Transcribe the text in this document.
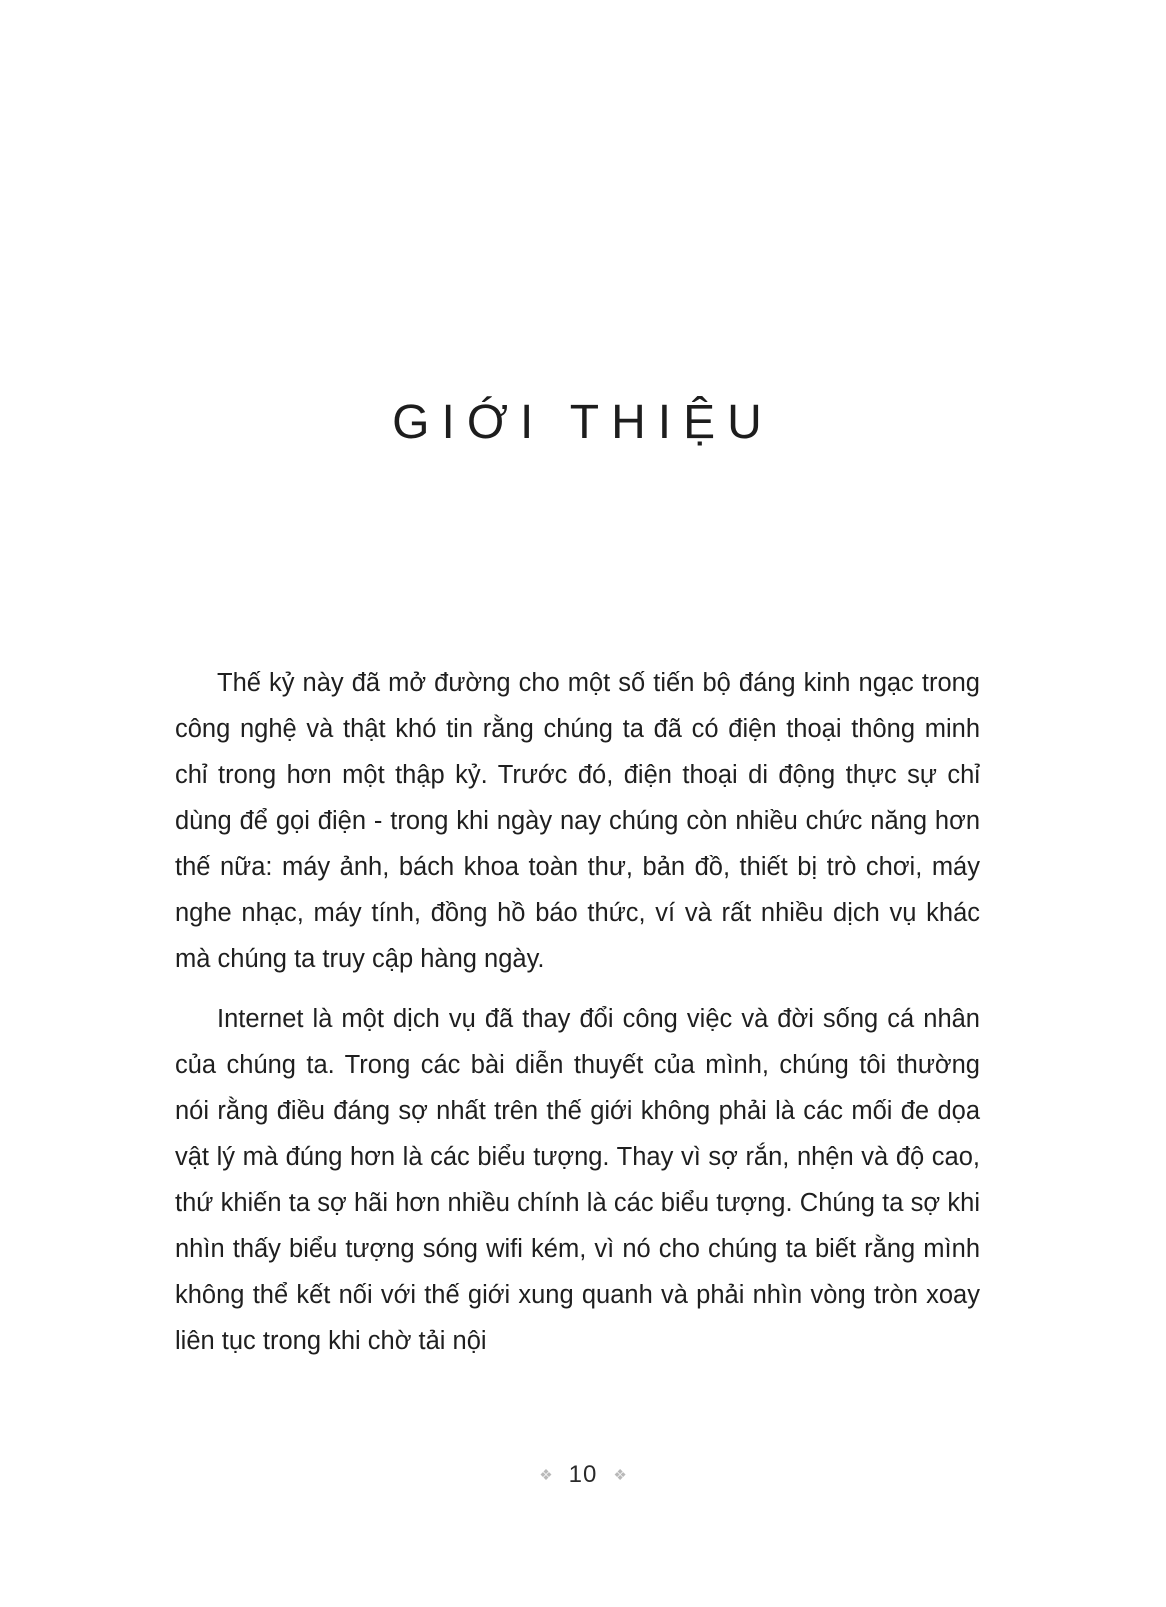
GIỚI THIỆU

Thế kỷ này đã mở đường cho một số tiến bộ đáng kinh ngạc trong công nghệ và thật khó tin rằng chúng ta đã có điện thoại thông minh chỉ trong hơn một thập kỷ. Trước đó, điện thoại di động thực sự chỉ dùng để gọi điện - trong khi ngày nay chúng còn nhiều chức năng hơn thế nữa: máy ảnh, bách khoa toàn thư, bản đồ, thiết bị trò chơi, máy nghe nhạc, máy tính, đồng hồ báo thức, ví và rất nhiều dịch vụ khác mà chúng ta truy cập hàng ngày.

Internet là một dịch vụ đã thay đổi công việc và đời sống cá nhân của chúng ta. Trong các bài diễn thuyết của mình, chúng tôi thường nói rằng điều đáng sợ nhất trên thế giới không phải là các mối đe dọa vật lý mà đúng hơn là các biểu tượng. Thay vì sợ rắn, nhện và độ cao, thứ khiến ta sợ hãi hơn nhiều chính là các biểu tượng. Chúng ta sợ khi nhìn thấy biểu tượng sóng wifi kém, vì nó cho chúng ta biết rằng mình không thể kết nối với thế giới xung quanh và phải nhìn vòng tròn xoay liên tục trong khi chờ tải nội

❖ 10 ❖
